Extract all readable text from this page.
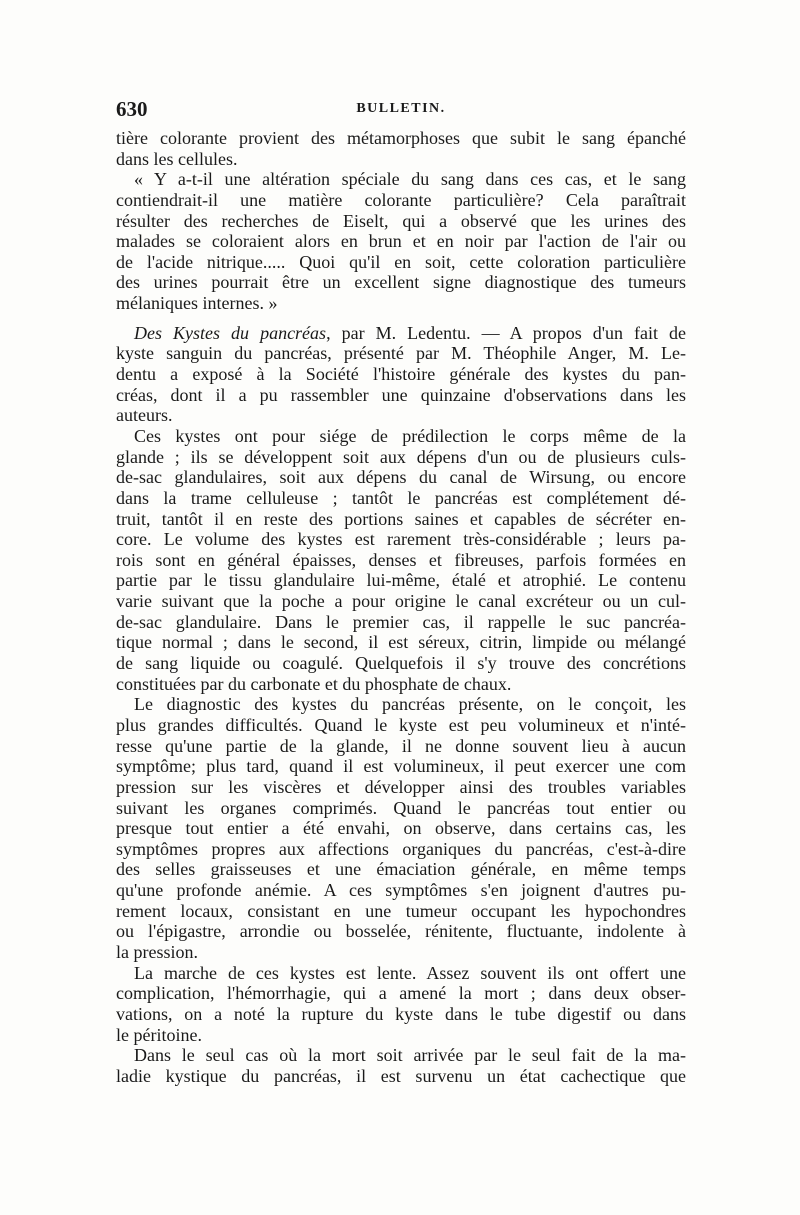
630	BULLETIN.
tière colorante provient des métamorphoses que subit le sang épanché
dans les cellules.
« Y a-t-il une altération spéciale du sang dans ces cas, et le sang
contiendrait-il une matière colorante particulière? Cela paraîtrait
résulter des recherches de Eiselt, qui a observé que les urines des
malades se coloraient alors en brun et en noir par l'action de l'air ou
de l'acide nitrique..... Quoi qu'il en soit, cette coloration particulière
des urines pourrait être un excellent signe diagnostique des tumeurs
mélaniques internes. »
Des Kystes du pancréas, par M. Ledentu. — A propos d'un fait de
kyste sanguin du pancréas, présenté par M. Théophile Anger, M. Le-
dentu a exposé à la Société l'histoire générale des kystes du pan-
créas, dont il a pu rassembler une quinzaine d'observations dans les
auteurs.
Ces kystes ont pour siége de prédilection le corps même de la
glande ; ils se développent soit aux dépens d'un ou de plusieurs culs-
de-sac glandulaires, soit aux dépens du canal de Wirsung, ou encore
dans la trame celluleuse ; tantôt le pancréas est complétement dé-
truit, tantôt il en reste des portions saines et capables de sécréter en-
core. Le volume des kystes est rarement très-considérable ; leurs pa-
rois sont en général épaisses, denses et fibreuses, parfois formées en
partie par le tissu glandulaire lui-même, étalé et atrophié. Le contenu
varie suivant que la poche a pour origine le canal excréteur ou un cul-
de-sac glandulaire. Dans le premier cas, il rappelle le suc pancréa-
tique normal ; dans le second, il est séreux, citrin, limpide ou mélangé
de sang liquide ou coagulé. Quelquefois il s'y trouve des concrétions
constituées par du carbonate et du phosphate de chaux.
Le diagnostic des kystes du pancréas présente, on le conçoit, les
plus grandes difficultés. Quand le kyste est peu volumineux et n'inté-
resse qu'une partie de la glande, il ne donne souvent lieu à aucun
symptôme; plus tard, quand il est volumineux, il peut exercer une com
pression sur les viscères et développer ainsi des troubles variables
suivant les organes comprimés. Quand le pancréas tout entier ou
presque tout entier a été envahi, on observe, dans certains cas, les
symptômes propres aux affections organiques du pancréas, c'est-à-dire
des selles graisseuses et une émaciation générale, en même temps
qu'une profonde anémie. A ces symptômes s'en joignent d'autres pu-
rement locaux, consistant en une tumeur occupant les hypochondres
ou l'épigastre, arrondie ou bosselée, rénitente, fluctuante, indolente à
la pression.
La marche de ces kystes est lente. Assez souvent ils ont offert une
complication, l'hémorrhagie, qui a amené la mort ; dans deux obser-
vations, on a noté la rupture du kyste dans le tube digestif ou dans
le péritoine.
Dans le seul cas où la mort soit arrivée par le seul fait de la ma-
ladie kystique du pancréas, il est survenu un état cachectique que
